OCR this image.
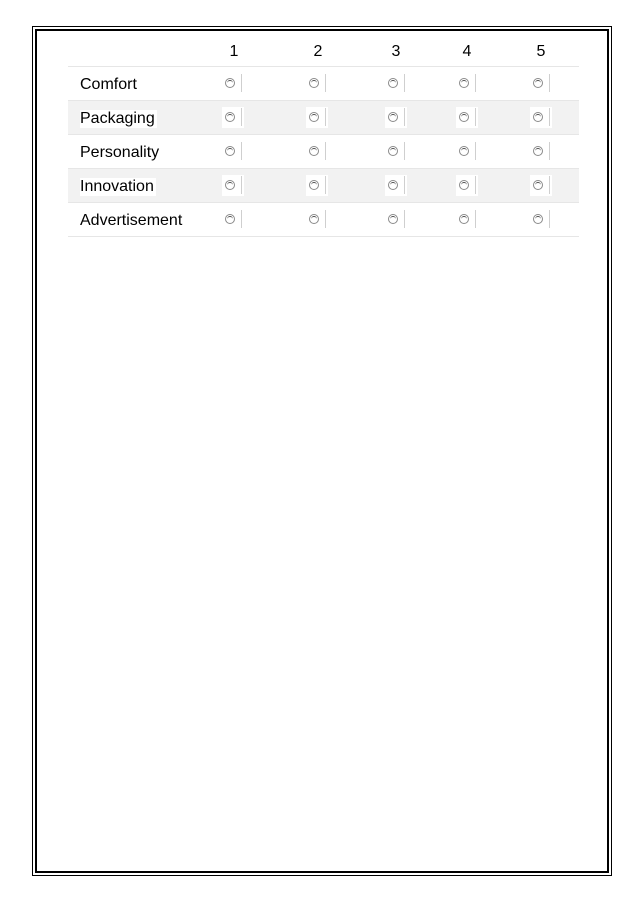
1	2	3	4	5
Comfort
Packaging
Personality
Innovation
Advertisement
